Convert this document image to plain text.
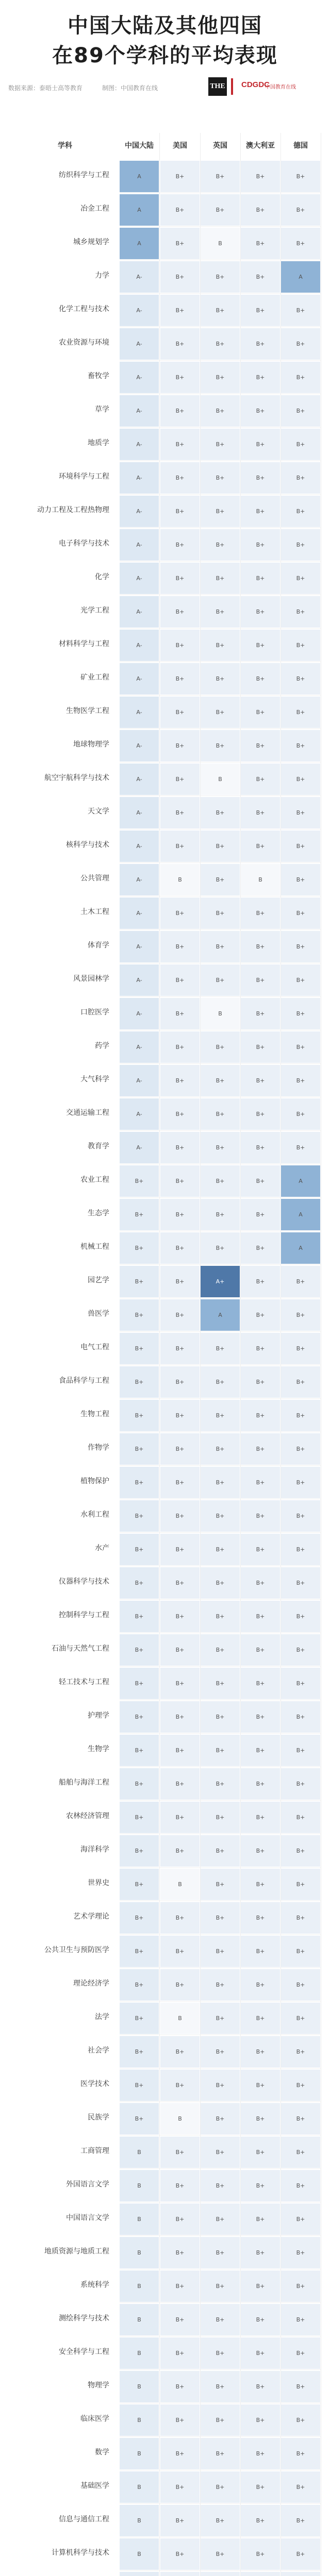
中国大陆及其他四国
在89个学科的平均表现
数据来源：泰晤士高等教育	制图：中国教育在线	THE CDGDC
中国教育在线
学科	中国大陆	美国	英国	澳大利亚	德国
纺织科学与工程	A	B+	B+	B+	B+
冶金工程	A	B+	B+	B+	B+
城乡规划学	A	B+	B	B+	B+
力学	A-	B+	B+	B+	A
化学工程与技术	A-	B+	B+	B+	B+
农业资源与环境	A-	B+	B+	B+	B+
畜牧学	A-	B+	B+	B+	B+
草学	A-	B+	B+	B+	B+
地质学	A-	B+	B+	B+	B+
环境科学与工程	A-	B+	B+	B+	B+
动力工程及工程热物理	A-	B+	B+	B+	B+
电子科学与技术	A-	B+	B+	B+	B+
化学	A-	B+	B+	B+	B+
光学工程	A-	B+	B+	B+	B+
材料科学与工程	A-	B+	B+	B+	B+
矿业工程	A-	B+	B+	B+	B+
生物医学工程	A-	B+	B+	B+	B+
地球物理学	A-	B+	B+	B+	B+
航空宇航科学与技术	A-	B+	B	B+	B+
天文学	A-	B+	B+	B+	B+
核科学与技术	A-	B+	B+	B+	B+
公共管理	A-	B	B+	B	B+
土木工程	A-	B+	B+	B+	B+
体育学	A-	B+	B+	B+	B+
风景园林学	A-	B+	B+	B+	B+
口腔医学	A-	B+	B	B+	B+
药学	A-	B+	B+	B+	B+
大气科学	A-	B+	B+	B+	B+
交通运输工程	A-	B+	B+	B+	B+
教育学	A-	B+	B+	B+	B+
农业工程	B+	B+	B+	B+	A
生态学	B+	B+	B+	B+	A
机械工程	B+	B+	B+	B+	A
园艺学	B+	B+	A+	B+	B+
兽医学	B+	B+	A	B+	B+
电气工程	B+	B+	B+	B+	B+
食品科学与工程	B+	B+	B+	B+	B+
生物工程	B+	B+	B+	B+	B+
作物学	B+	B+	B+	B+	B+
植物保护	B+	B+	B+	B+	B+
水利工程	B+	B+	B+	B+	B+
水产	B+	B+	B+	B+	B+
仪器科学与技术	B+	B+	B+	B+	B+
控制科学与工程	B+	B+	B+	B+	B+
石油与天然气工程	B+	B+	B+	B+	B+
轻工技术与工程	B+	B+	B+	B+	B+
护理学	B+	B+	B+	B+	B+
生物学	B+	B+	B+	B+	B+
船舶与海洋工程	B+	B+	B+	B+	B+
农林经济管理	B+	B+	B+	B+	B+
海洋科学	B+	B+	B+	B+	B+
世界史	B+	B	B+	B+	B+
艺术学理论	B+	B+	B+	B+	B+
公共卫生与预防医学	B+	B+	B+	B+	B+
理论经济学	B+	B+	B+	B+	B+
法学	B+	B	B+	B+	B+
社会学	B+	B+	B+	B+	B+
医学技术	B+	B+	B+	B+	B+
民族学	B+	B	B+	B+	B+
工商管理	B	B+	B+	B+	B+
外国语言文学	B	B+	B+	B+	B+
中国语言文学	B	B+	B+	B+	B+
地质资源与地质工程	B	B+	B+	B+	B+
系统科学	B	B+	B+	B+	B+
测绘科学与技术	B	B+	B+	B+	B+
安全科学与工程	B	B+	B+	B+	B+
物理学	B	B+	B+	B+	B+
临床医学	B	B+	B+	B+	B+
数学	B	B+	B+	B+	B+
基础医学	B	B+	B+	B+	B+
信息与通信工程	B	B+	B+	B+	B+
计算机科学与技术	B	B+	B+	B+	B+
